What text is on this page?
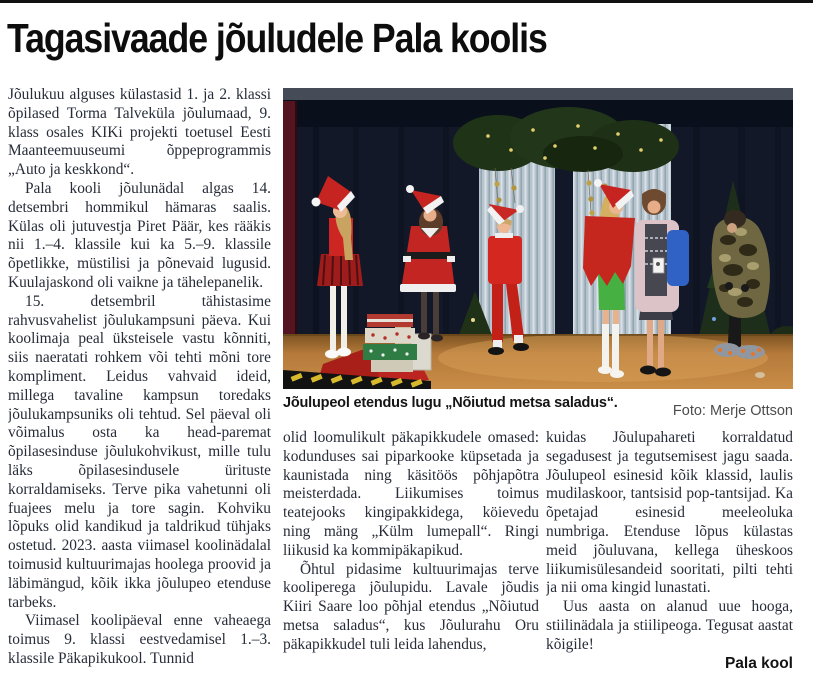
Tagasivaade jõuludele Pala koolis

Jõulukuu alguses külastasid 1. ja 2. klassi õpilased Torma Talveküla jõulumaad, 9. klass osales KIKi projekti toetusel Eesti Maanteemuuseumi õppeprogrammis „Auto ja keskkond“.

Pala kooli jõulunädal algas 14. detsembri hommikul hämaras saalis. Külas oli jutuvestja Piret Päär, kes rääkis nii 1.–4. klassile kui ka 5.–9. klassile õpetlikke, müstilisi ja põnevaid lugusid. Kuulajaskond oli vaikne ja tähelepanelik.

15. detsembril tähistasime rahvusvahelist jõulukampsuni päeva. Kui koolimaja peal üksteisele vastu kõnniti, siis naeratati rohkem või tehti mõni tore kompliment. Leidus vahvaid ideid, millega tavaline kampsun toredaks jõulukampsuniks oli tehtud. Sel päeval oli võimalus osta ka head-paremat õpilasesinduse jõulukohvikust, mille tulu läks õpilasesindusele ürituste korraldamiseks. Terve pika vahetunni oli fuajees melu ja tore sagin. Kohviku lõpuks olid kandikud ja taldrikud tühjaks ostetud. 2023. aasta viimasel koolinädalal toimusid kultuurimajas hoolega proovid ja läbimängud, kõik ikka jõulupeo etenduse tarbeks.

Viimasel koolipäeval enne vaheaega toimus 9. klassi eestvedamisel 1.–3. klassile Päkapikukool. Tunnid

Jõulupeol etendus lugu „Nõiutud metsa saladus“.	Foto: Merje Ottson

olid loomulikult päkapikkudele omased: kodunduses sai piparkooke küpsetada ja kaunistada ning käsitöös põhjapõtra meisterdada. Liikumises toimus teatejooks kingipakkidega, köievedu ning mäng „Külm lumepall“. Ringi liikusid ka kommipäkapikud.

Õhtul pidasime kultuurimajas terve kooliperega jõulupidu. Lavale jõudis Kiiri Saare loo põhjal etendus „Nõiutud metsa saladus“, kus Jõulurahu Oru päkapikkudel tuli leida lahendus,

kuidas Jõulupahareti korraldatud segadusest ja tegutsemisest jagu saada. Jõulupeol esinesid kõik klassid, laulis mudilaskoor, tantsisid pop-tantsijad. Ka õpetajad esinesid meeleoluka numbriga. Etenduse lõpus külastas meid jõuluvana, kellega üheskoos liikumisülesandeid sooritati, pilti tehti ja nii oma kingid lunastati.

Uus aasta on alanud uue hooga, stiilinädala ja stiilipeoga. Tegusat aastat kõigile!

Pala kool
